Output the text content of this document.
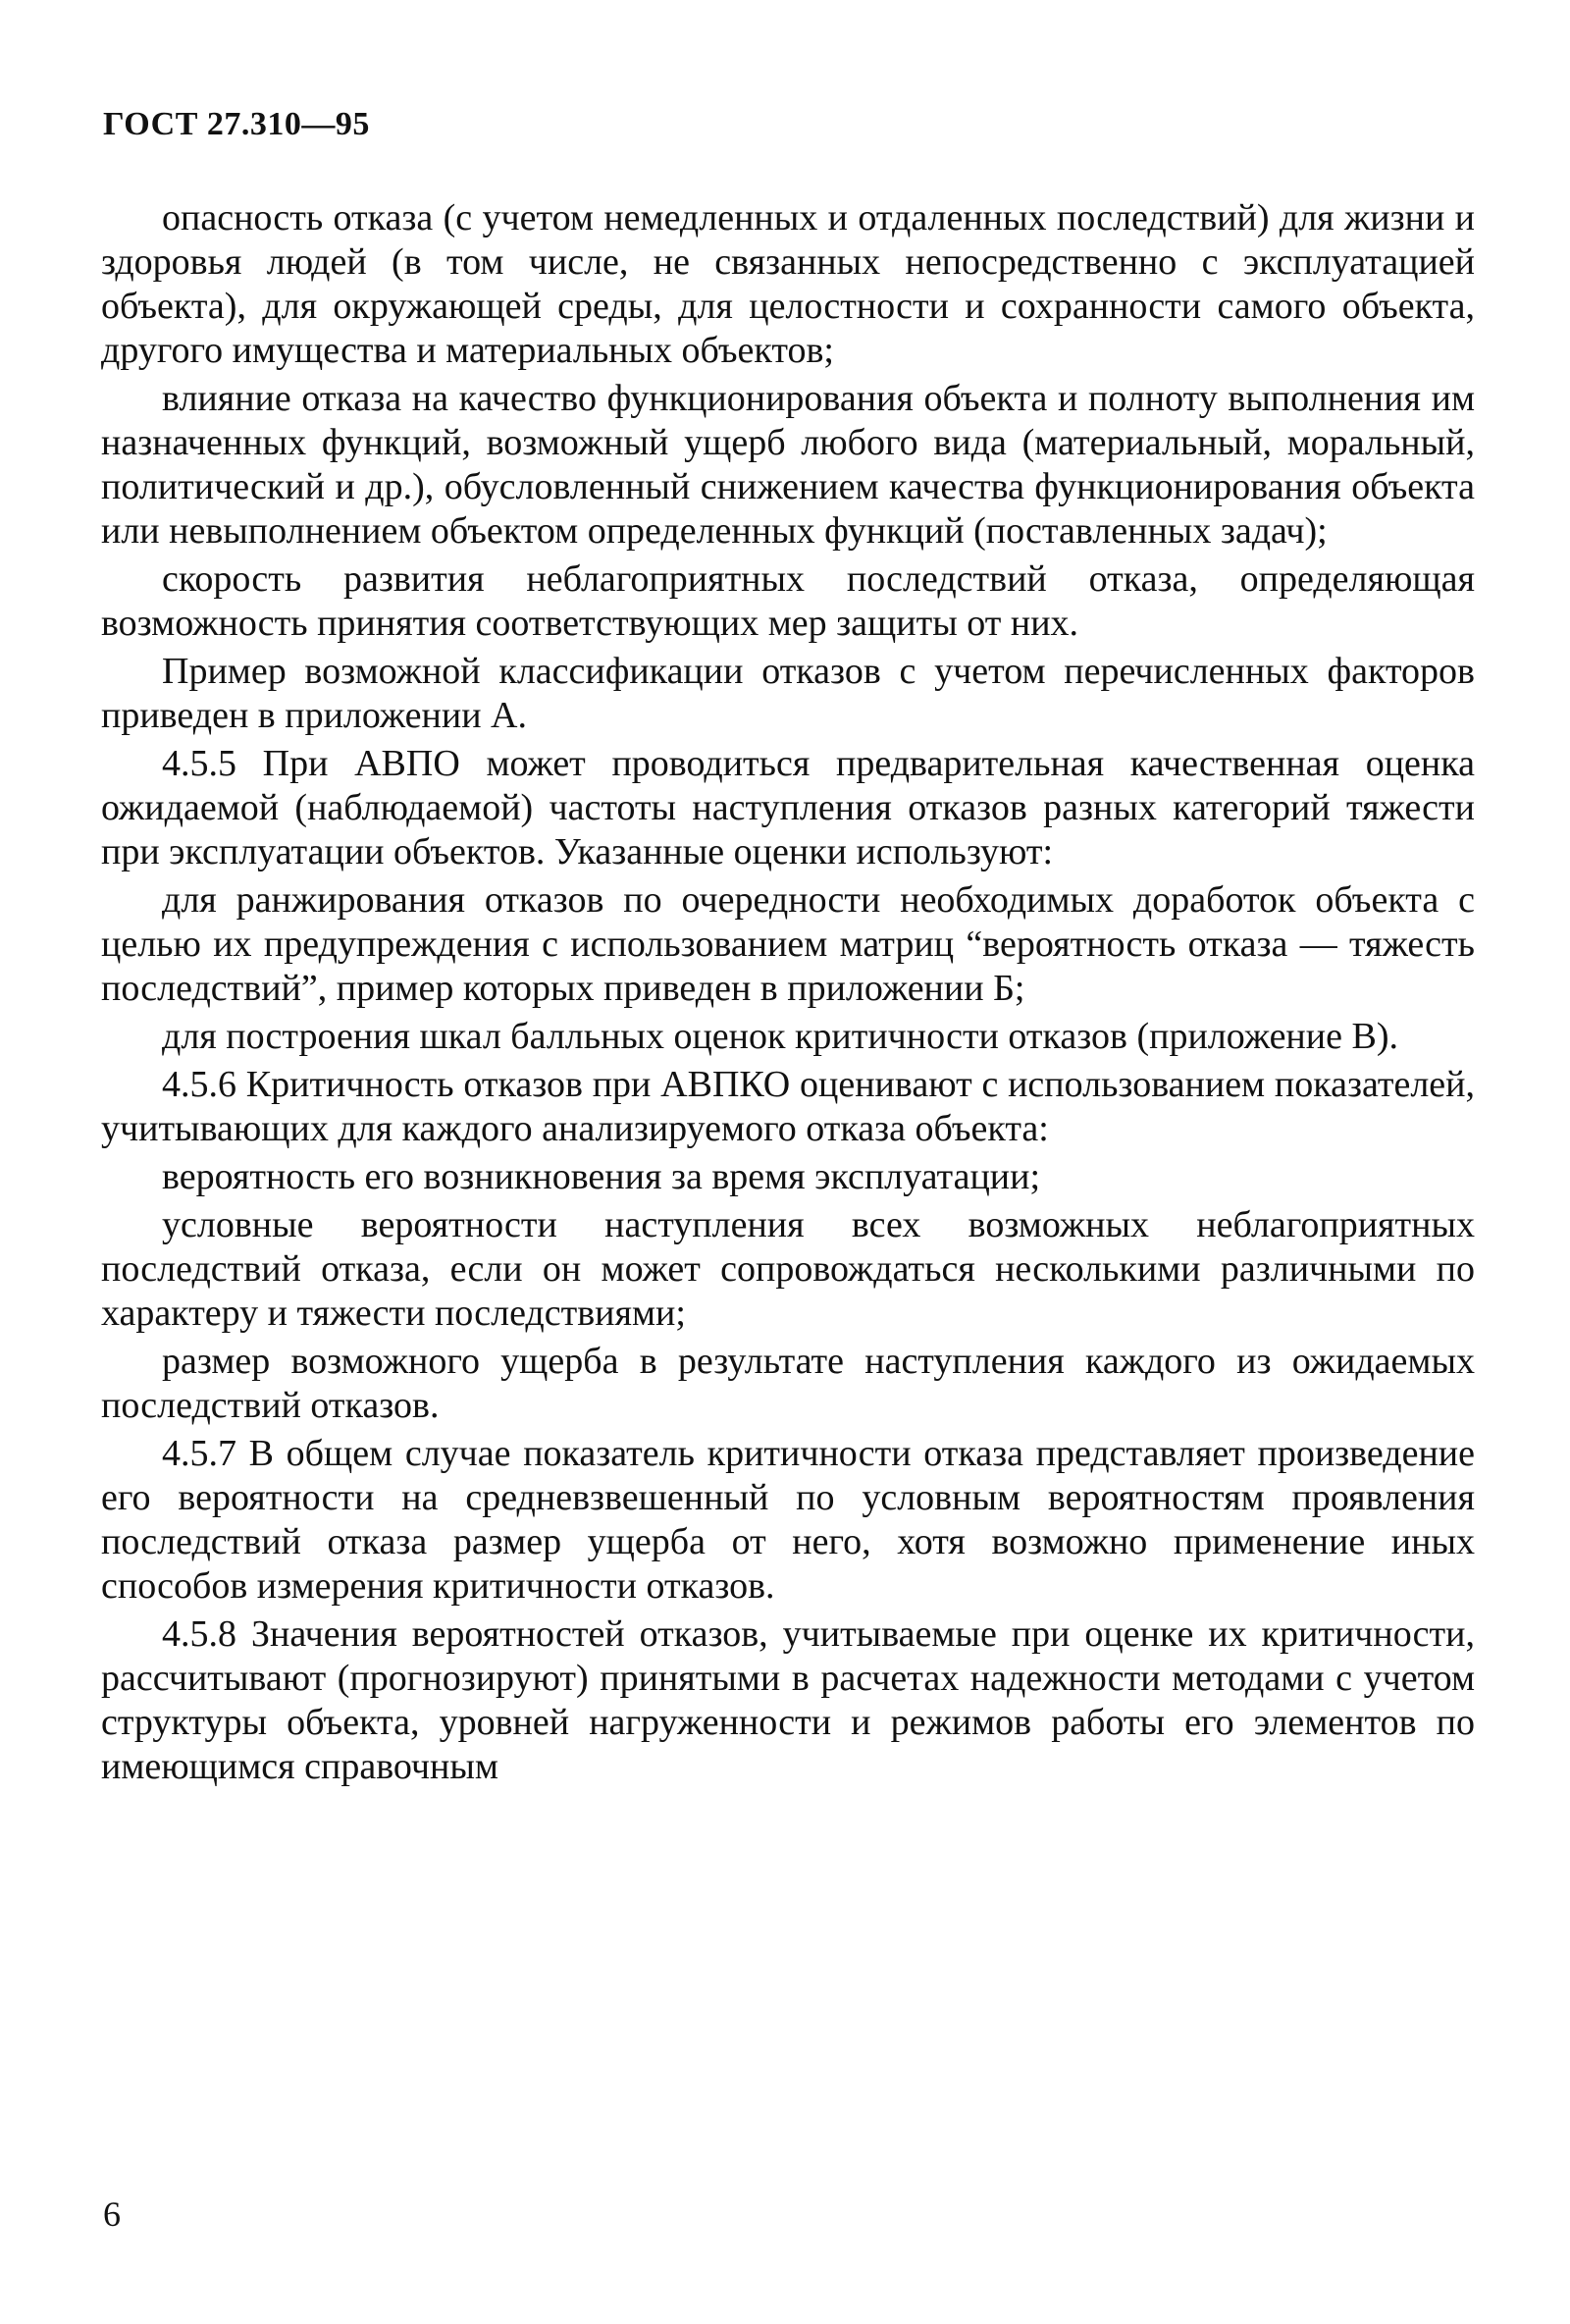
ГОСТ 27.310—95

опасность отказа (с учетом немедленных и отдаленных последствий) для жизни и здоровья людей (в том числе, не связанных непосредственно с эксплуатацией объекта), для окружающей среды, для целостности и сохранности самого объекта, другого имущества и материальных объектов;

влияние отказа на качество функционирования объекта и полноту выполнения им назначенных функций, возможный ущерб любого вида (материальный, моральный, политический и др.), обусловленный снижением качества функционирования объекта или невыполнением объектом определенных функций (поставленных задач);

скорость развития неблагоприятных последствий отказа, определяющая возможность принятия соответствующих мер защиты от них.

Пример возможной классификации отказов с учетом перечисленных факторов приведен в приложении А.

4.5.5 При АВПО может проводиться предварительная качественная оценка ожидаемой (наблюдаемой) частоты наступления отказов разных категорий тяжести при эксплуатации объектов. Указанные оценки используют:

для ранжирования отказов по очередности необходимых доработок объекта с целью их предупреждения с использованием матриц “вероятность отказа — тяжесть последствий”, пример которых приведен в приложении Б;

для построения шкал балльных оценок критичности отказов (приложение В).

4.5.6 Критичность отказов при АВПКО оценивают с использованием показателей, учитывающих для каждого анализируемого отказа объекта:

вероятность его возникновения за время эксплуатации;

условные вероятности наступления всех возможных неблагоприятных последствий отказа, если он может сопровождаться несколькими различными по характеру и тяжести последствиями;

размер возможного ущерба в результате наступления каждого из ожидаемых последствий отказов.

4.5.7 В общем случае показатель критичности отказа представляет произведение его вероятности на средневзвешенный по условным вероятностям проявления последствий отказа размер ущерба от него, хотя возможно применение иных способов измерения критичности отказов.

4.5.8 Значения вероятностей отказов, учитываемые при оценке их критичности, рассчитывают (прогнозируют) принятыми в расчетах надежности методами с учетом структуры объекта, уровней нагруженности и режимов работы его элементов по имеющимся справочным

6
